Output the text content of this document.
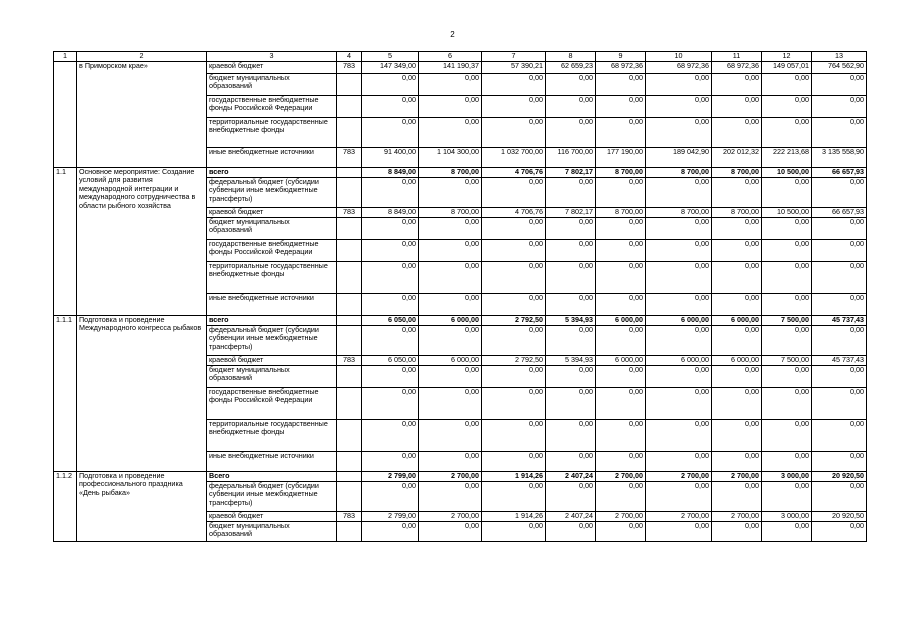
2
1	2	3	4	5	6	7	8	9	10	11	12	13
	в Приморском крае»	краевой бюджет	783	147 349,00	141 190,37	57 390,21	62 659,23	68 972,36	68 972,36	68 972,36	149 057,01	764 562,90
		бюджет муниципальных образований		0,00	0,00	0,00	0,00	0,00	0,00	0,00	0,00	0,00
		государственные внебюджетные фонды Российской Федерации		0,00	0,00	0,00	0,00	0,00	0,00	0,00	0,00	0,00
		территориальные государственные внебюджетные фонды		0,00	0,00	0,00	0,00	0,00	0,00	0,00	0,00	0,00
		иные внебюджетные источники	783	91 400,00	1 104 300,00	1 032 700,00	116 700,00	177 190,00	189 042,90	202 012,32	222 213,68	3 135 558,90
1.1	Основное мероприятие: Создание условий для развития международной интеграции и международного сотрудничества в области рыбного хозяйства	всего		8 849,00	8 700,00	4 706,76	7 802,17	8 700,00	8 700,00	8 700,00	10 500,00	66 657,93
		федеральный бюджет (субсидии субвенции иные межбюджетные трансферты)		0,00	0,00	0,00	0,00	0,00	0,00	0,00	0,00	0,00
		краевой бюджет	783	8 849,00	8 700,00	4 706,76	7 802,17	8 700,00	8 700,00	8 700,00	10 500,00	66 657,93
		бюджет муниципальных образований		0,00	0,00	0,00	0,00	0,00	0,00	0,00	0,00	0,00
		государственные внебюджетные фонды Российской Федерации		0,00	0,00	0,00	0,00	0,00	0,00	0,00	0,00	0,00
		территориальные государственные внебюджетные фонды		0,00	0,00	0,00	0,00	0,00	0,00	0,00	0,00	0,00
		иные внебюджетные источники		0,00	0,00	0,00	0,00	0,00	0,00	0,00	0,00	0,00
1.1.1	Подготовка и проведение Международного конгресса рыбаков	всего		6 050,00	6 000,00	2 792,50	5 394,93	6 000,00	6 000,00	6 000,00	7 500,00	45 737,43
		федеральный бюджет (субсидии субвенции иные межбюджетные трансферты)		0,00	0,00	0,00	0,00	0,00	0,00	0,00	0,00	0,00
		краевой бюджет	783	6 050,00	6 000,00	2 792,50	5 394,93	6 000,00	6 000,00	6 000,00	7 500,00	45 737,43
		бюджет муниципальных образований		0,00	0,00	0,00	0,00	0,00	0,00	0,00	0,00	0,00
		государственные внебюджетные фонды Российской Федерации		0,00	0,00	0,00	0,00	0,00	0,00	0,00	0,00	0,00
		территориальные государственные внебюджетные фонды		0,00	0,00	0,00	0,00	0,00	0,00	0,00	0,00	0,00
		иные внебюджетные источники		0,00	0,00	0,00	0,00	0,00	0,00	0,00	0,00	0,00
1.1.2	Подготовка и проведение профессионального праздника «День рыбака»	Всего		2 799,00	2 700,00	1 914,26	2 407,24	2 700,00	2 700,00	2 700,00	3 000,00	20 920,50
		федеральный бюджет (субсидии субвенции иные межбюджетные трансферты)		0,00	0,00	0,00	0,00	0,00	0,00	0,00	0,00	0,00
		краевой бюджет	783	2 799,00	2 700,00	1 914,26	2 407,24	2 700,00	2 700,00	2 700,00	3 000,00	20 920,50
		бюджет муниципальных образований		0,00	0,00	0,00	0,00	0,00	0,00	0,00	0,00	0,00
